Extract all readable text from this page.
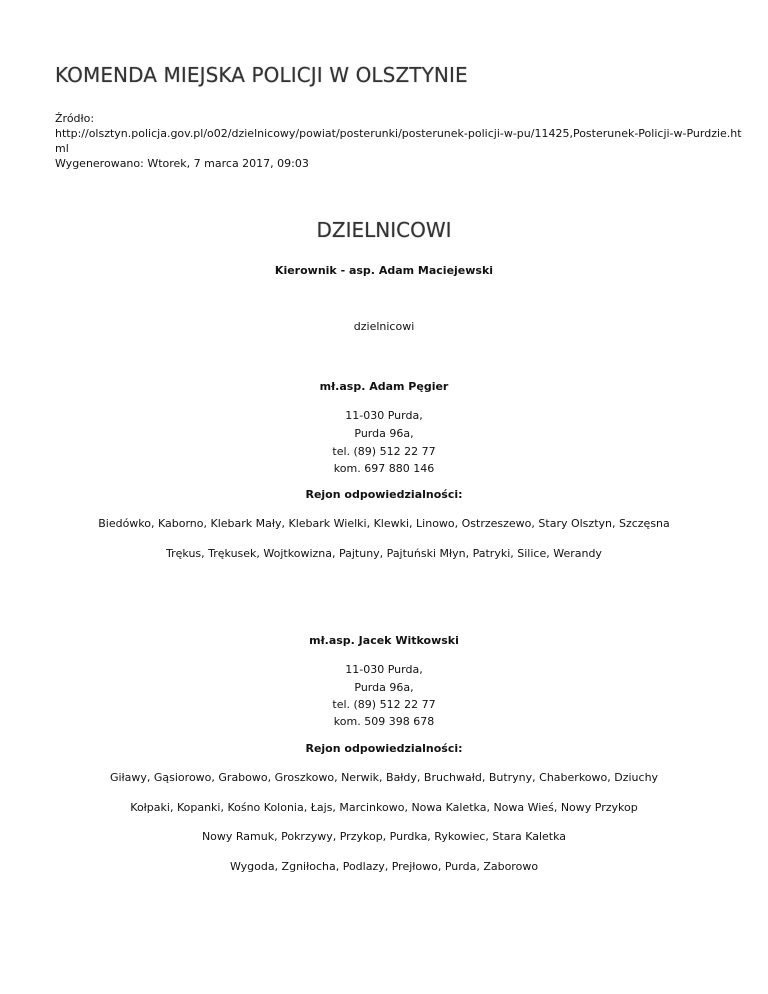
KOMENDA MIEJSKA POLICJI W OLSZTYNIE
Źródło:
http://olsztyn.policja.gov.pl/o02/dzielnicowy/powiat/posterunki/posterunek-policji-w-pu/11425,Posterunek-Policji-w-Purdzie.ht
ml
Wygenerowano: Wtorek, 7 marca 2017, 09:03
DZIELNICOWI
Kierownik - asp. Adam Maciejewski
dzielnicowi
mł.asp. Adam Pęgier
11-030 Purda,
Purda 96a,
tel. (89) 512 22 77
kom. 697 880 146
Rejon odpowiedzialności:
Biedówko, Kaborno, Klebark Mały, Klebark Wielki, Klewki, Linowo, Ostrzeszewo, Stary Olsztyn, Szczęsna
Trękus, Trękusek, Wojtkowizna, Pajtuny, Pajtuński Młyn, Patryki, Silice, Werandy
mł.asp. Jacek Witkowski
11-030 Purda,
Purda 96a,
tel. (89) 512 22 77
kom. 509 398 678
Rejon odpowiedzialności:
Giławy, Gąsiorowo, Grabowo, Groszkowo, Nerwik, Bałdy, Bruchwałd, Butryny, Chaberkowo, Dziuchy
Kołpaki, Kopanki, Kośno Kolonia, Łajs, Marcinkowo, Nowa Kaletka, Nowa Wieś, Nowy Przykop
Nowy Ramuk, Pokrzywy, Przykop, Purdka, Rykowiec, Stara Kaletka
Wygoda, Zgniłocha, Podlazy, Prejłowo, Purda, Zaborowo
